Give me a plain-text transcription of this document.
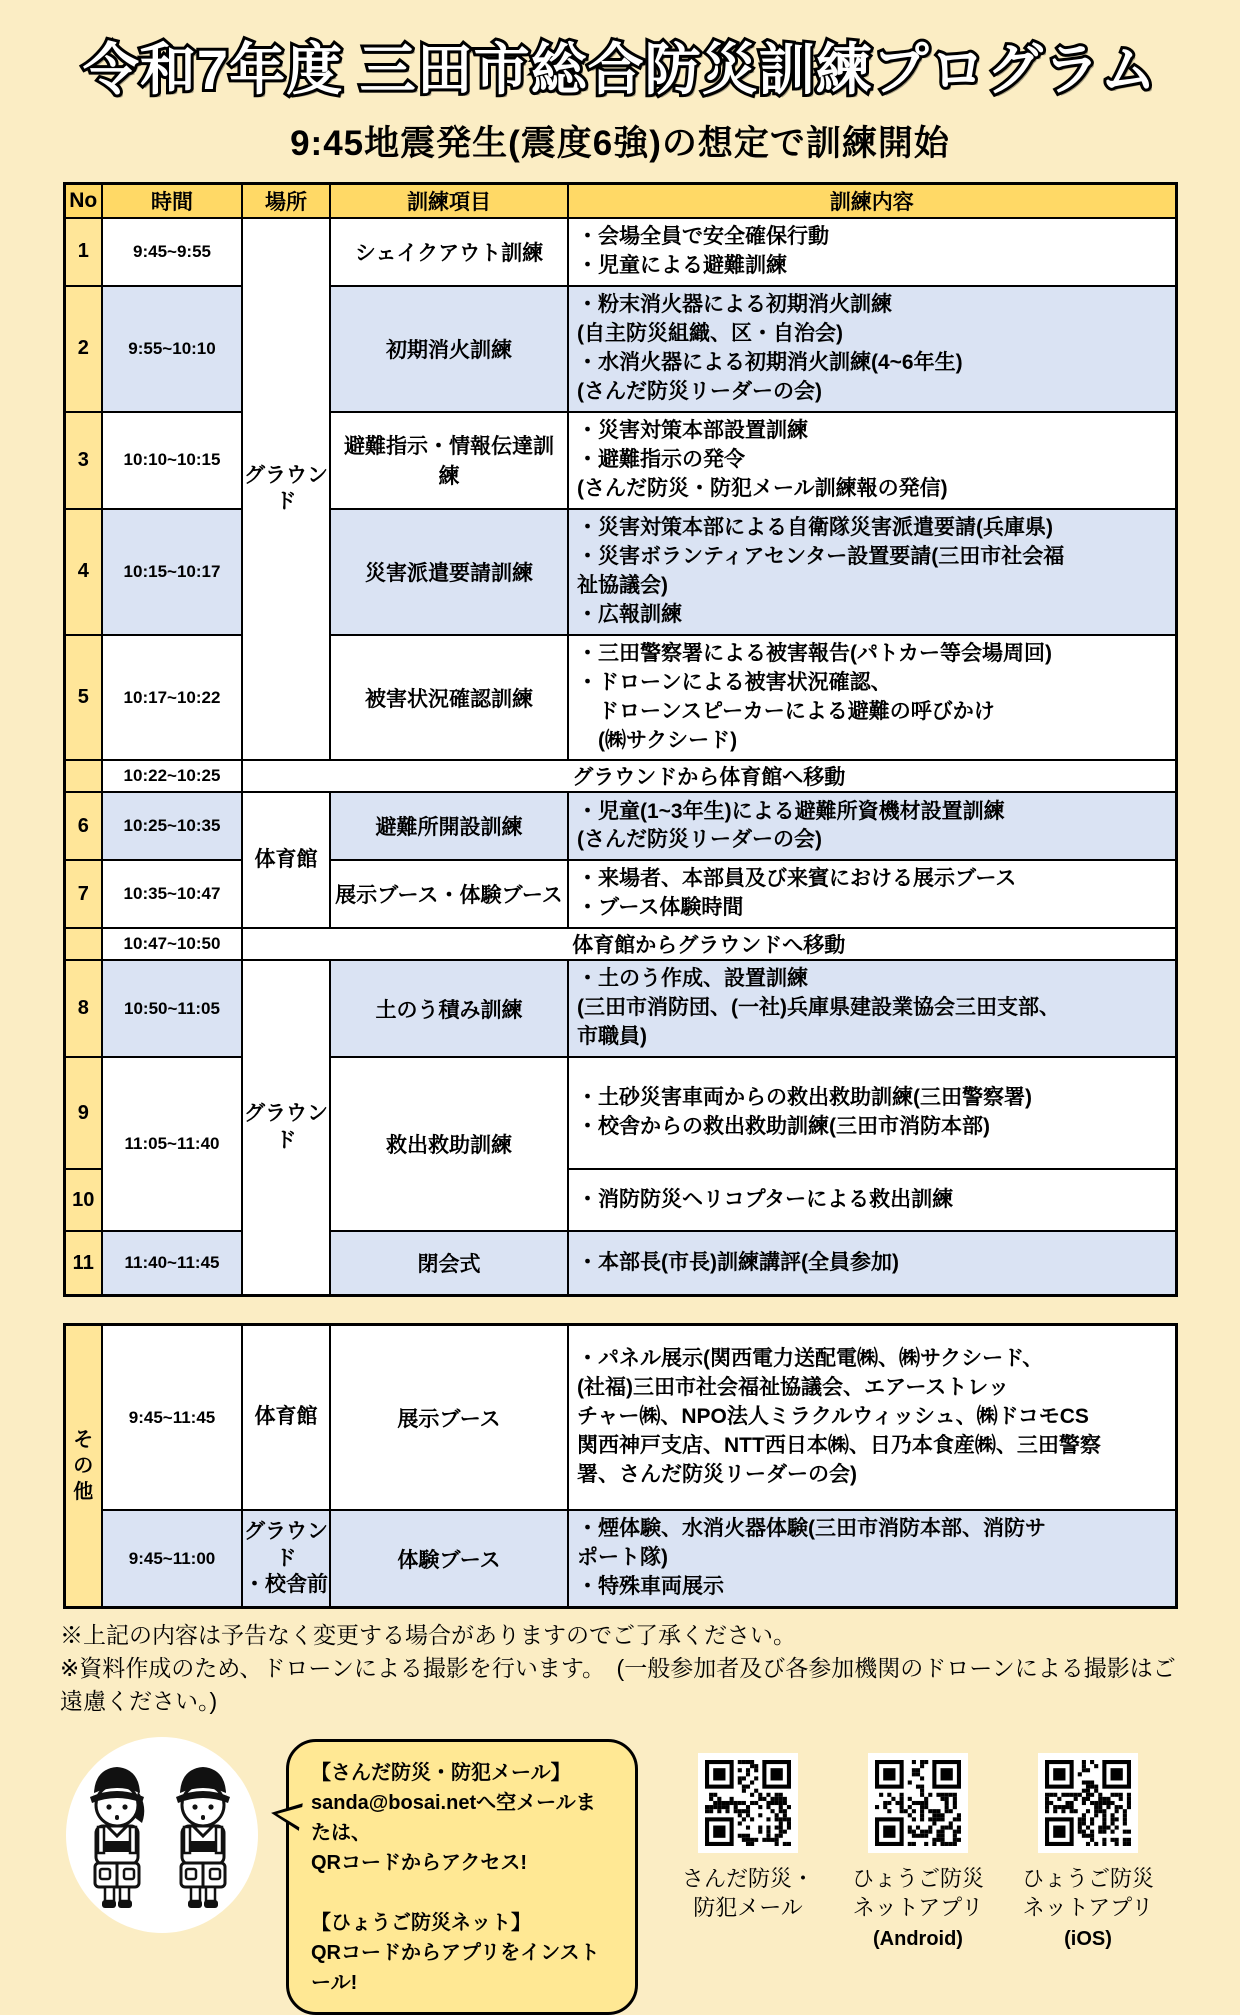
令和7年度 三田市総合防災訓練プログラム
9:45地震発生(震度6強)の想定で訓練開始
No	時間	場所	訓練項目	訓練内容
1	9:45~9:55	グラウンド	シェイクアウト訓練	・会場全員で安全確保行動
・児童による避難訓練
2	9:55~10:10		初期消火訓練	・粉末消火器による初期消火訓練
(自主防災組織、区・自治会)
・水消火器による初期消火訓練(4~6年生)
(さんだ防災リーダーの会)
3	10:10~10:15		避難指示・情報伝達訓練	・災害対策本部設置訓練
・避難指示の発令
(さんだ防災・防犯メール訓練報の発信)
4	10:15~10:17		災害派遣要請訓練	・災害対策本部による自衛隊災害派遣要請(兵庫県)
・災害ボランティアセンター設置要請(三田市社会福
祉協議会)
・広報訓練
5	10:17~10:22		被害状況確認訓練	・三田警察署による被害報告(パトカー等会場周回)
・ドローンによる被害状況確認、
　ドローンスピーカーによる避難の呼びかけ
　(㈱サクシード)
	10:22~10:25	グラウンドから体育館へ移動		
6	10:25~10:35	体育館	避難所開設訓練	・児童(1~3年生)による避難所資機材設置訓練
(さんだ防災リーダーの会)
7	10:35~10:47		展示ブース・体験ブース	・来場者、本部員及び来賓における展示ブース
・ブース体験時間
	10:47~10:50	体育館からグラウンドへ移動		
8	10:50~11:05	グラウンド	土のう積み訓練	・土のう作成、設置訓練
(三田市消防団、(一社)兵庫県建設業協会三田支部、
市職員)
9	11:05~11:40		救出救助訓練	・土砂災害車両からの救出救助訓練(三田警察署)
・校舎からの救出救助訓練(三田市消防本部)
10				・消防防災ヘリコプターによる救出訓練
11	11:40~11:45		閉会式	・本部長(市長)訓練講評(全員参加)
そ
の
他	9:45~11:45	体育館	展示ブース	・パネル展示(関西電力送配電㈱、㈱サクシード、
(社福)三田市社会福祉協議会、エアーストレッ
チャー㈱、NPO法人ミラクルウィッシュ、㈱ドコモCS
関西神戸支店、NTT西日本㈱、日乃本食産㈱、三田警察
署、さんだ防災リーダーの会)
	9:45~11:00	グラウンド
・校舎前	体験ブース	・煙体験、水消火器体験(三田市消防本部、消防サ
ポート隊)
・特殊車両展示
※上記の内容は予告なく変更する場合がありますのでご了承ください。
※資料作成のため、ドローンによる撮影を行います。　(一般参加者及び各参加機関のドローンによる撮影はご遠慮ください。)
【さんだ防災・防犯メール】
sanda@bosai.netへ空メールまたは、
QRコードからアクセス!

【ひょうご防災ネット】
QRコードからアプリをインストール!
さんだ防災・
防犯メール
ひょうご防災
ネットアプリ
(Android)
ひょうご防災
ネットアプリ
(iOS)
